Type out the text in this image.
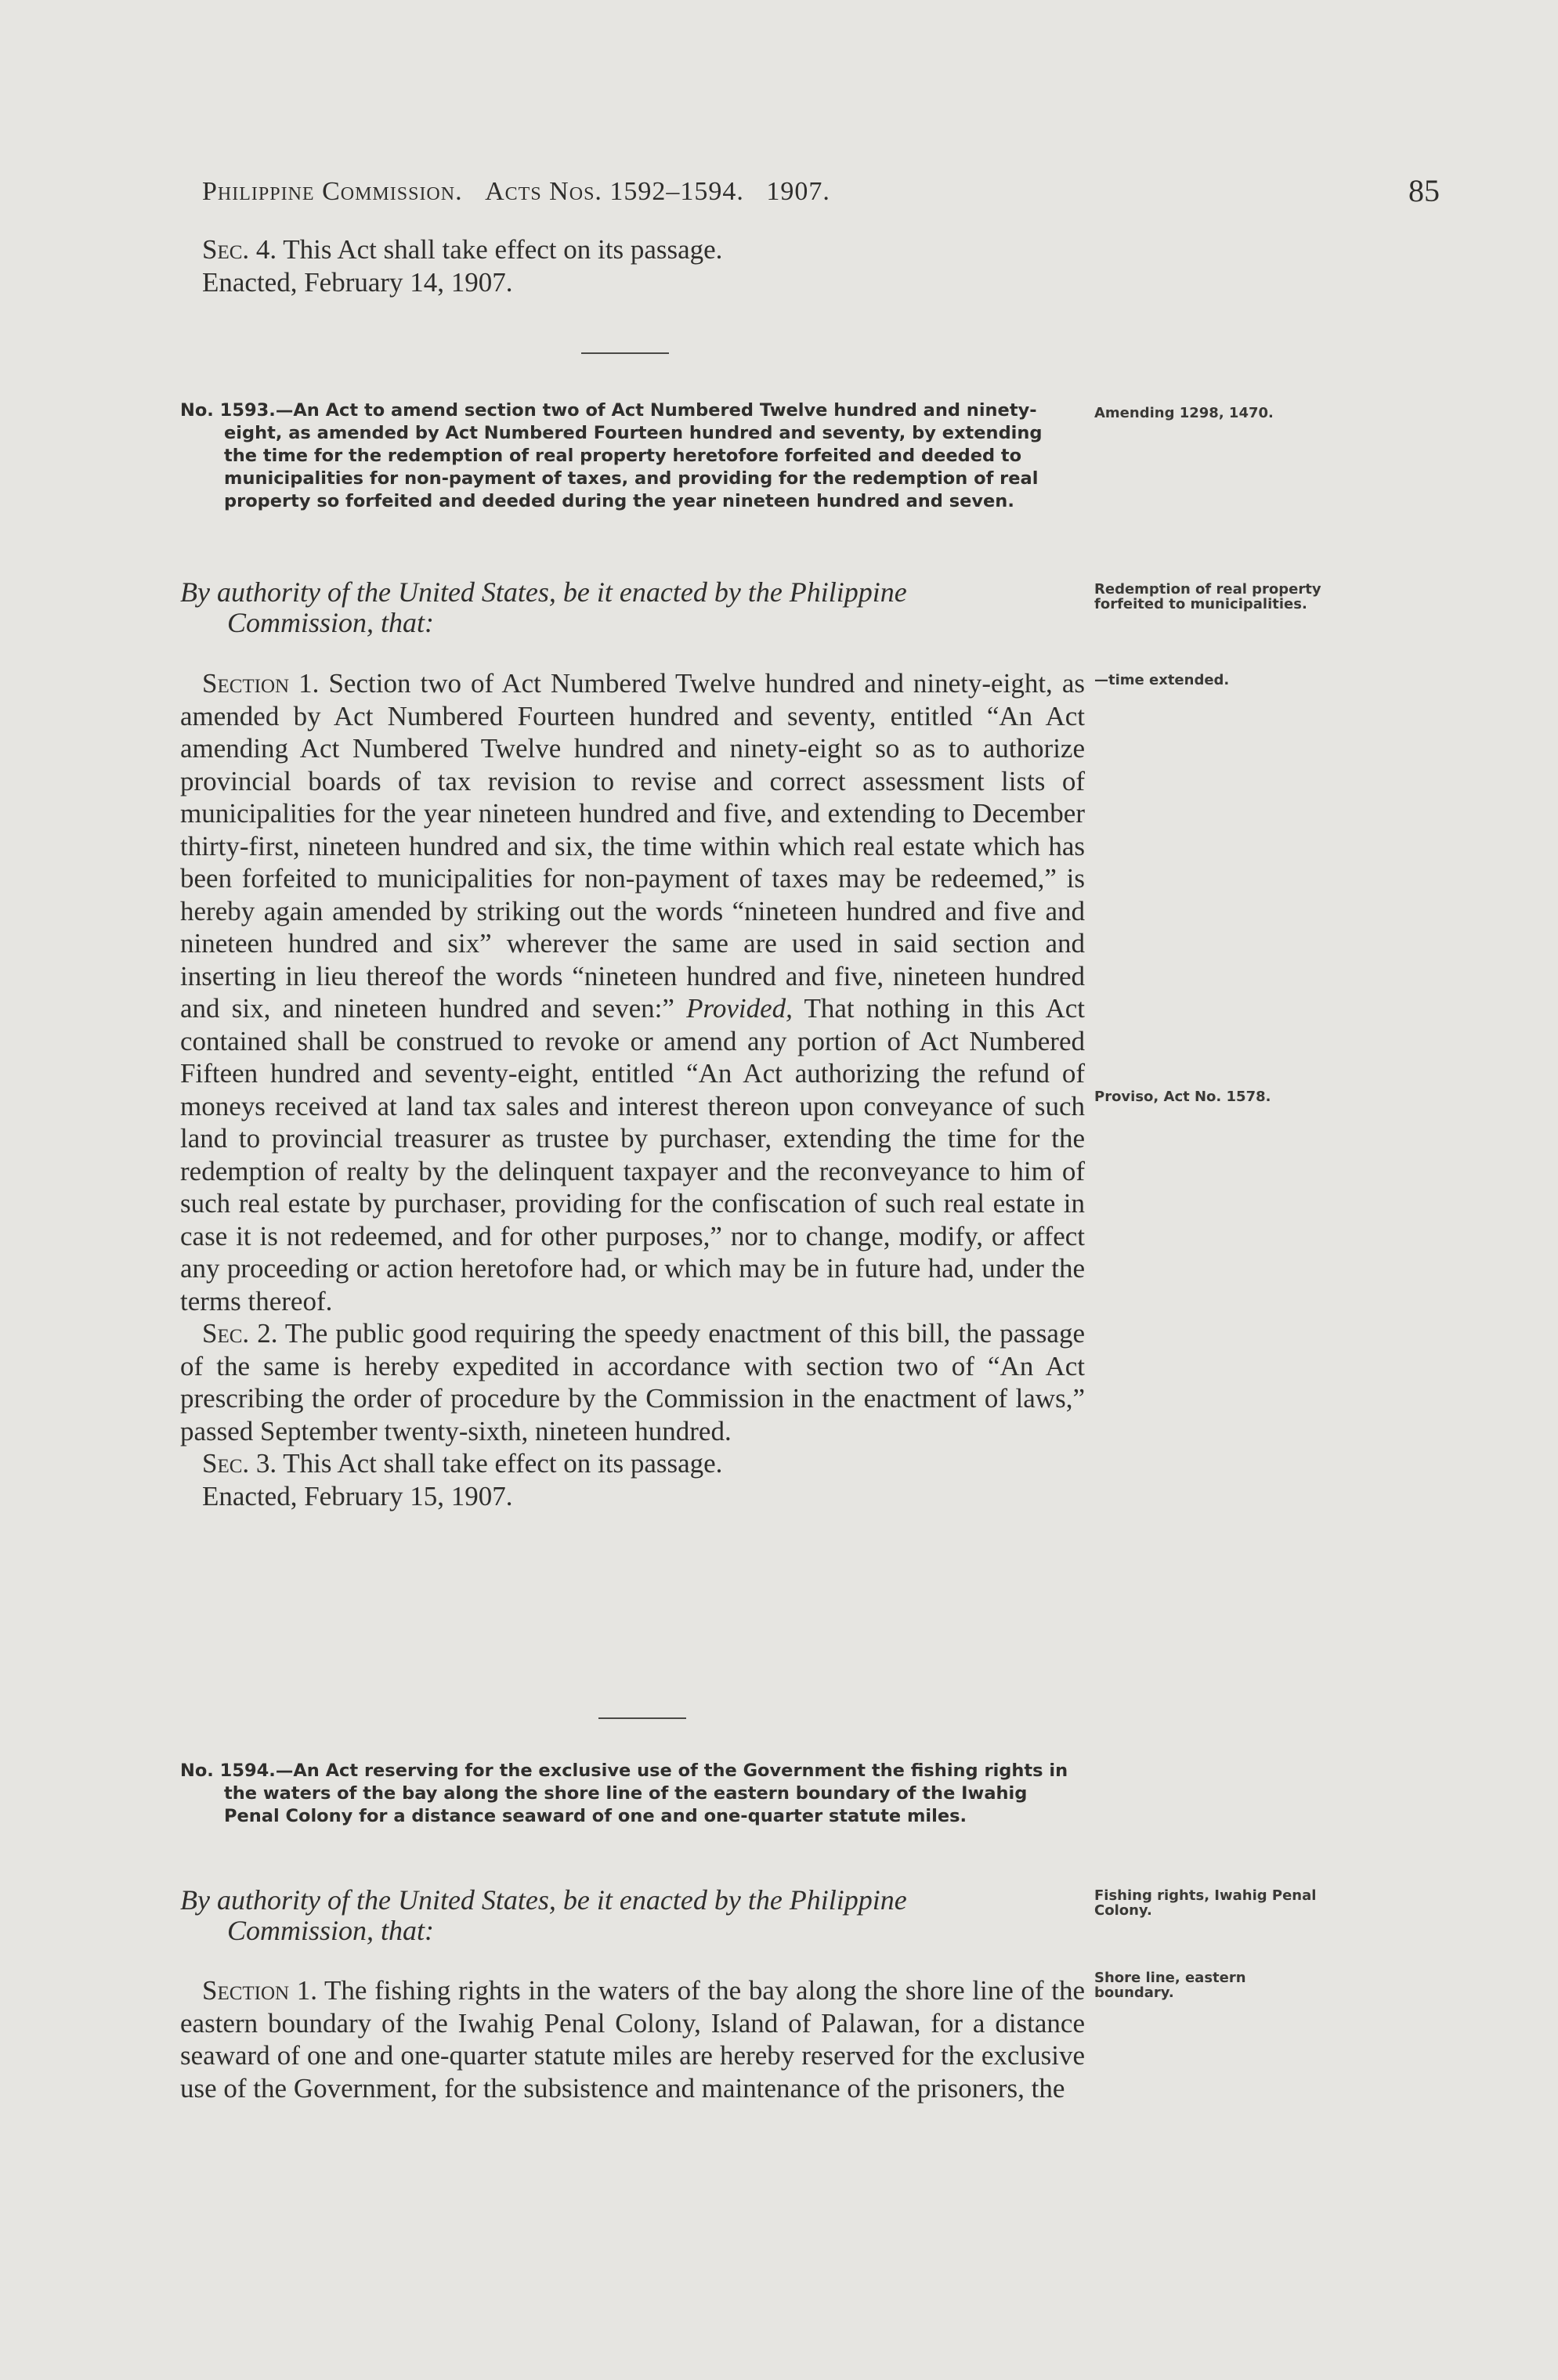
Philippine Commission. Acts Nos. 1592–1594. 1907.	85

Sec. 4. This Act shall take effect on its passage.

Enacted, February 14, 1907.

No. 1593.—An Act to amend section two of Act Numbered Twelve hundred and ninety-eight, as amended by Act Numbered Fourteen hundred and seventy, by extending the time for the redemption of real property heretofore forfeited and deeded to municipalities for non-payment of taxes, and providing for the redemption of real property so forfeited and deeded during the year nineteen hundred and seven.
Amending 1298, 1470.
By authority of the United States, be it enacted by the Philippine
Commission, that:
Redemption of real property forfeited to municipalities.
—time extended.
Proviso, Act No. 1578.

Section 1. Section two of Act Numbered Twelve hundred and ninety-eight, as amended by Act Numbered Fourteen hundred and seventy, entitled “An Act amending Act Numbered Twelve hundred and ninety-eight so as to authorize provincial boards of tax revision to revise and correct assessment lists of municipalities for the year nineteen hundred and five, and extending to December thirty-first, nineteen hundred and six, the time within which real estate which has been forfeited to municipalities for non-payment of taxes may be redeemed,” is hereby again amended by striking out the words “nineteen hundred and five and nineteen hundred and six” wherever the same are used in said section and inserting in lieu thereof the words “nineteen hundred and five, nineteen hundred and six, and nineteen hundred and seven:” Provided, That nothing in this Act contained shall be construed to revoke or amend any portion of Act Numbered Fifteen hundred and seventy-eight, entitled “An Act authorizing the refund of moneys received at land tax sales and interest thereon upon conveyance of such land to provincial treasurer as trustee by purchaser, extending the time for the redemption of realty by the delinquent taxpayer and the reconveyance to him of such real estate by purchaser, providing for the confiscation of such real estate in case it is not redeemed, and for other purposes,” nor to change, modify, or affect any proceeding or action heretofore had, or which may be in future had, under the terms thereof.

Sec. 2. The public good requiring the speedy enactment of this bill, the passage of the same is hereby expedited in accordance with section two of “An Act prescribing the order of procedure by the Commission in the enactment of laws,” passed September twenty-sixth, nineteen hundred.

Sec. 3. This Act shall take effect on its passage.

Enacted, February 15, 1907.

No. 1594.—An Act reserving for the exclusive use of the Government the fishing rights in the waters of the bay along the shore line of the eastern boundary of the Iwahig Penal Colony for a distance seaward of one and one-quarter statute miles.
By authority of the United States, be it enacted by the Philippine
Commission, that:
Fishing rights, Iwahig Penal Colony.
Shore line, eastern boundary.

Section 1. The fishing rights in the waters of the bay along the shore line of the eastern boundary of the Iwahig Penal Colony, Island of Palawan, for a distance seaward of one and one-quarter statute miles are hereby reserved for the exclusive use of the Government, for the subsistence and maintenance of the prisoners, the
